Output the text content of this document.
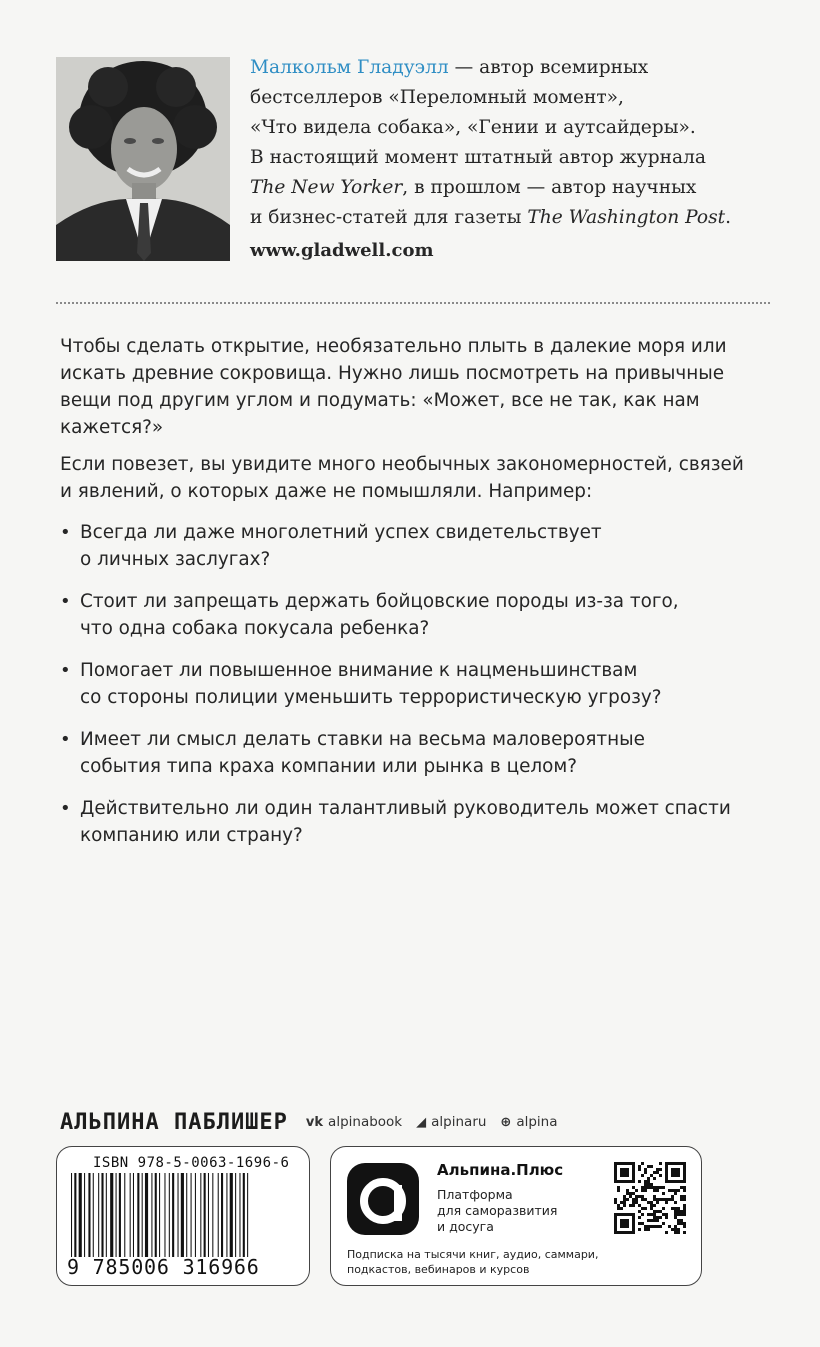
Малкольм Гладуэлл — автор всемирных

бестселлеров «Переломный момент»,

«Что видела собака», «Гении и аутсайдеры».

В настоящий момент штатный автор журнала

The New Yorker, в прошлом — автор научных

и бизнес-статей для газеты The Washington Post.

www.gladwell.com

Чтобы сделать открытие, необязательно плыть в далекие моря или
искать древние сокровища. Нужно лишь посмотреть на привычные
вещи под другим углом и подумать: «Может, все не так, как нам
кажется?»

Если повезет, вы увидите много необычных закономерностей, связей
и явлений, о которых даже не помышляли. Например:

• Всегда ли даже многолетний успех свидетельствует
о личных заслугах?
• Стоит ли запрещать держать бойцовские породы из-за того,
что одна собака покусала ребенка?
• Помогает ли повышенное внимание к нацменьшинствам
со стороны полиции уменьшить террористическую угрозу?
• Имеет ли смысл делать ставки на весьма маловероятные
события типа краха компании или рынка в целом?
• Действительно ли один талантливый руководитель может спасти
компанию или страну?
АЛЬПИНА ПАБЛИШЕР vk alpinabook ◢ alpinaru ⊕ alpina
ISBN 978-5-0063-1696-6
9 785006 316966
Альпина.Плюс
Платформа
для саморазвития
и досуга
Подписка на тысячи книг, аудио, саммари,
подкастов, вебинаров и курсов
